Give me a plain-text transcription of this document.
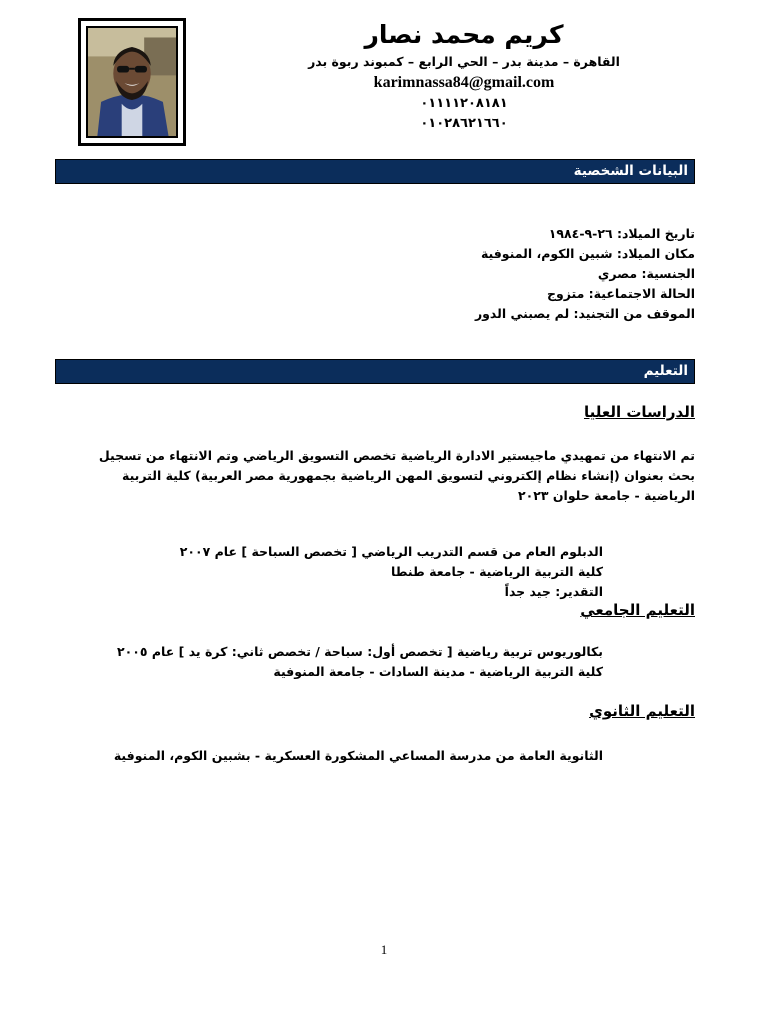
كريم محمد نصار
القاهرة – مدينة بدر – الحي الرابع – كمبوند ربوة بدر
karimnassa84@gmail.com
٠١١١١٢٠٨١٨١
٠١٠٢٨٦٢١٦٦٠
البيانات الشخصية
تاريخ الميلاد: ٢٦-٩-١٩٨٤
مكان الميلاد: شبين الكوم، المنوفية
الجنسية: مصري
الحالة الاجتماعية: متزوج
الموقف من التجنيد: لم يصبني الدور
التعليم
الدراسات العليا
تم الانتهاء من تمهيدي ماجيستير الادارة الرياضية تخصص التسويق الرياضي وتم الانتهاء من تسجيل
بحث بعنوان (إنشاء نظام إلكتروني لتسويق المهن الرياضية بجمهورية مصر العربية) كلية التربية
الرياضية - جامعة حلوان ٢٠٢٣
الدبلوم العام من قسم التدريب الرياضي [ تخصص السباحة ] عام ٢٠٠٧
كلية التربية الرياضية - جامعة طنطا
التقدير: جيد جداً
التعليم الجامعي
بكالوريوس تربية رياضية [ تخصص أول: سباحة / تخصص ثاني: كرة يد ] عام ٢٠٠٥
كلية التربية الرياضية - مدينة السادات - جامعة المنوفية
التعليم الثانوي
الثانوية العامة من مدرسة المساعي المشكورة العسكرية - بشبين الكوم، المنوفية
1
